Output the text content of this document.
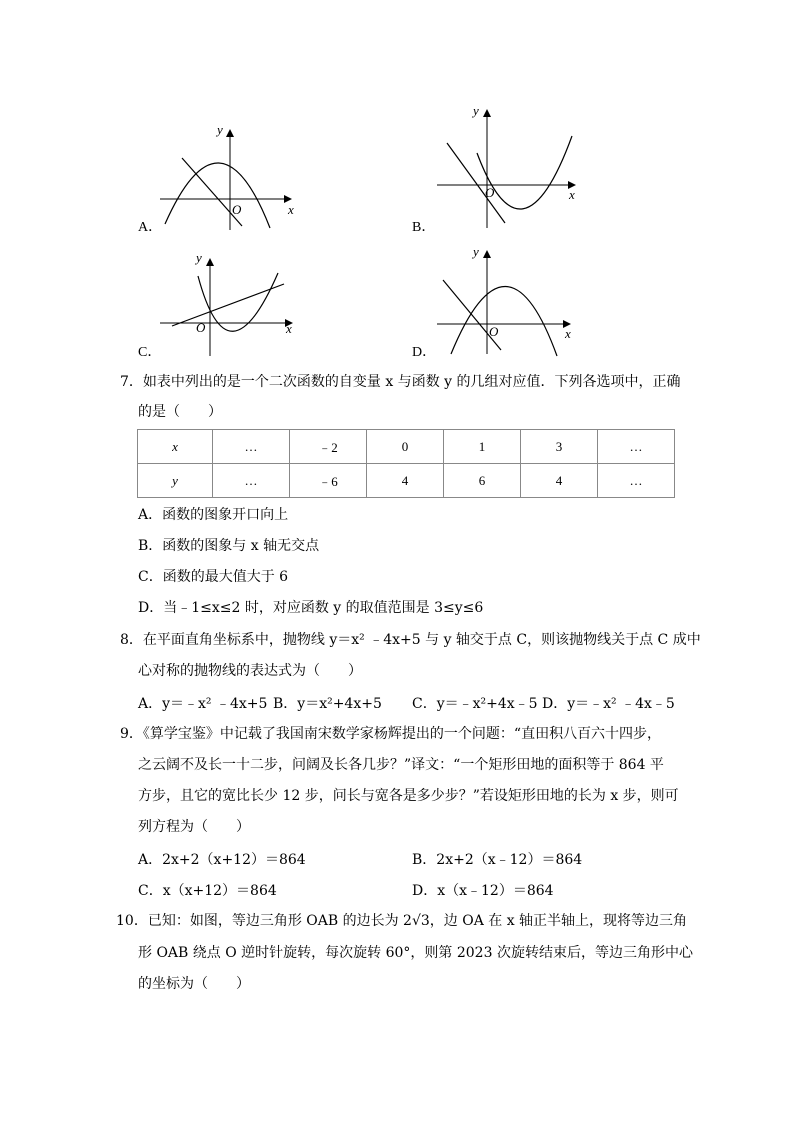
y
O	x
A．
y
O	x
B．
y
O	x
C．
y
O	x
D．
7．如表中列出的是一个二次函数的自变量 x 与函数 y 的几组对应值．下列各选项中，正确
的是（　　）
x	…	﹣2	0	1	3	…
y	…	﹣6	4	6	4	…
A．函数的图象开口向上
B．函数的图象与 x 轴无交点
C．函数的最大值大于 6
D．当﹣1≤x≤2 时，对应函数 y 的取值范围是 3≤y≤6
8．在平面直角坐标系中，抛物线 y＝x² ﹣4x+5 与 y 轴交于点 C，则该抛物线关于点 C 成中
心对称的抛物线的表达式为（　　）
A．y＝﹣x² ﹣4x+5 B．y＝x²+4x+5 C．y＝﹣x²+4x﹣5 D．y＝﹣x² ﹣4x﹣5
9．《算学宝鉴》中记载了我国南宋数学家杨辉提出的一个问题：“直田积八百六十四步，
之云阔不及长一十二步，问阔及长各几步？”译文：“一个矩形田地的面积等于 864 平
方步，且它的宽比长少 12 步，问长与宽各是多少步？”若设矩形田地的长为 x 步，则可
列方程为（　　）
A．2x+2（x+12）＝864	B．2x+2（x﹣12）＝864
C．x（x+12）＝864	D．x（x﹣12）＝864
10．已知：如图，等边三角形 OAB 的边长为 2√3，边 OA 在 x 轴正半轴上，现将等边三角
形 OAB 绕点 O 逆时针旋转，每次旋转 60°，则第 2023 次旋转结束后，等边三角形中心
的坐标为（　　）
